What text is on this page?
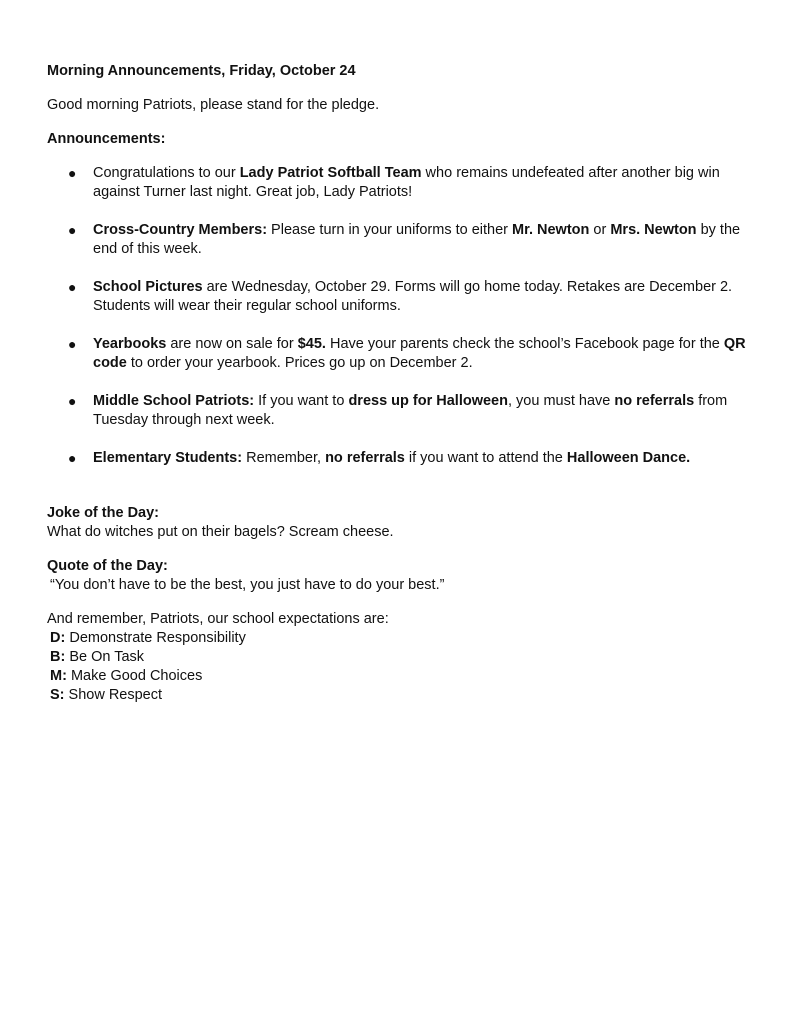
Morning Announcements, Friday, October 24
Good morning Patriots, please stand for the pledge.
Announcements:
● Congratulations to our Lady Patriot Softball Team who remains undefeated after another big win against Turner last night. Great job, Lady Patriots!
● Cross-Country Members: Please turn in your uniforms to either Mr. Newton or Mrs. Newton by the end of this week.
● School Pictures are Wednesday, October 29. Forms will go home today. Retakes are December 2. Students will wear their regular school uniforms.
● Yearbooks are now on sale for $45. Have your parents check the school’s Facebook page for the QR code to order your yearbook. Prices go up on December 2.
● Middle School Patriots: If you want to dress up for Halloween, you must have no referrals from Tuesday through next week.
● Elementary Students: Remember, no referrals if you want to attend the Halloween Dance.
Joke of the Day:
What do witches put on their bagels? Scream cheese.
Quote of the Day:
“You don’t have to be the best, you just have to do your best.”
And remember, Patriots, our school expectations are:
D: Demonstrate Responsibility
B: Be On Task
M: Make Good Choices
S: Show Respect
